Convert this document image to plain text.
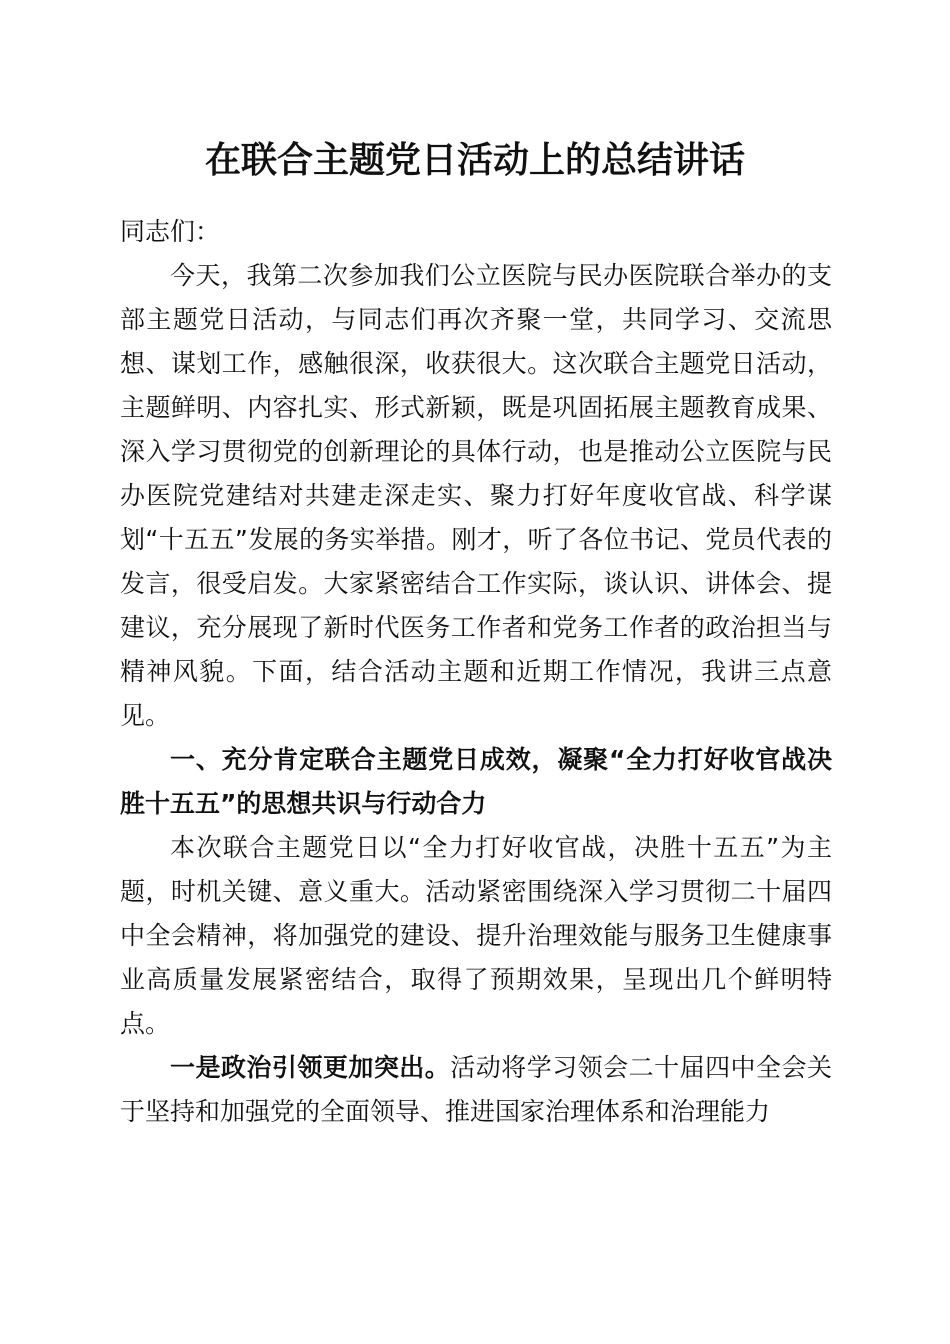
在联合主题党日活动上的总结讲话

同志们：

今天，我第二次参加我们公立医院与民办医院联合举办的支部主题党日活动，与同志们再次齐聚一堂，共同学习、交流思想、谋划工作，感触很深，收获很大。这次联合主题党日活动，主题鲜明、内容扎实、形式新颖，既是巩固拓展主题教育成果、深入学习贯彻党的创新理论的具体行动，也是推动公立医院与民办医院党建结对共建走深走实、聚力打好年度收官战、科学谋划“十五五”发展的务实举措。刚才，听了各位书记、党员代表的发言，很受启发。大家紧密结合工作实际，谈认识、讲体会、提建议，充分展现了新时代医务工作者和党务工作者的政治担当与精神风貌。下面，结合活动主题和近期工作情况，我讲三点意见。

一、充分肯定联合主题党日成效，凝聚“全力打好收官战决胜十五五”的思想共识与行动合力

本次联合主题党日以“全力打好收官战，决胜十五五”为主题，时机关键、意义重大。活动紧密围绕深入学习贯彻二十届四中全会精神，将加强党的建设、提升治理效能与服务卫生健康事业高质量发展紧密结合，取得了预期效果，呈现出几个鲜明特点。

一是政治引领更加突出。活动将学习领会二十届四中全会关于坚持和加强党的全面领导、推进国家治理体系和治理能力
